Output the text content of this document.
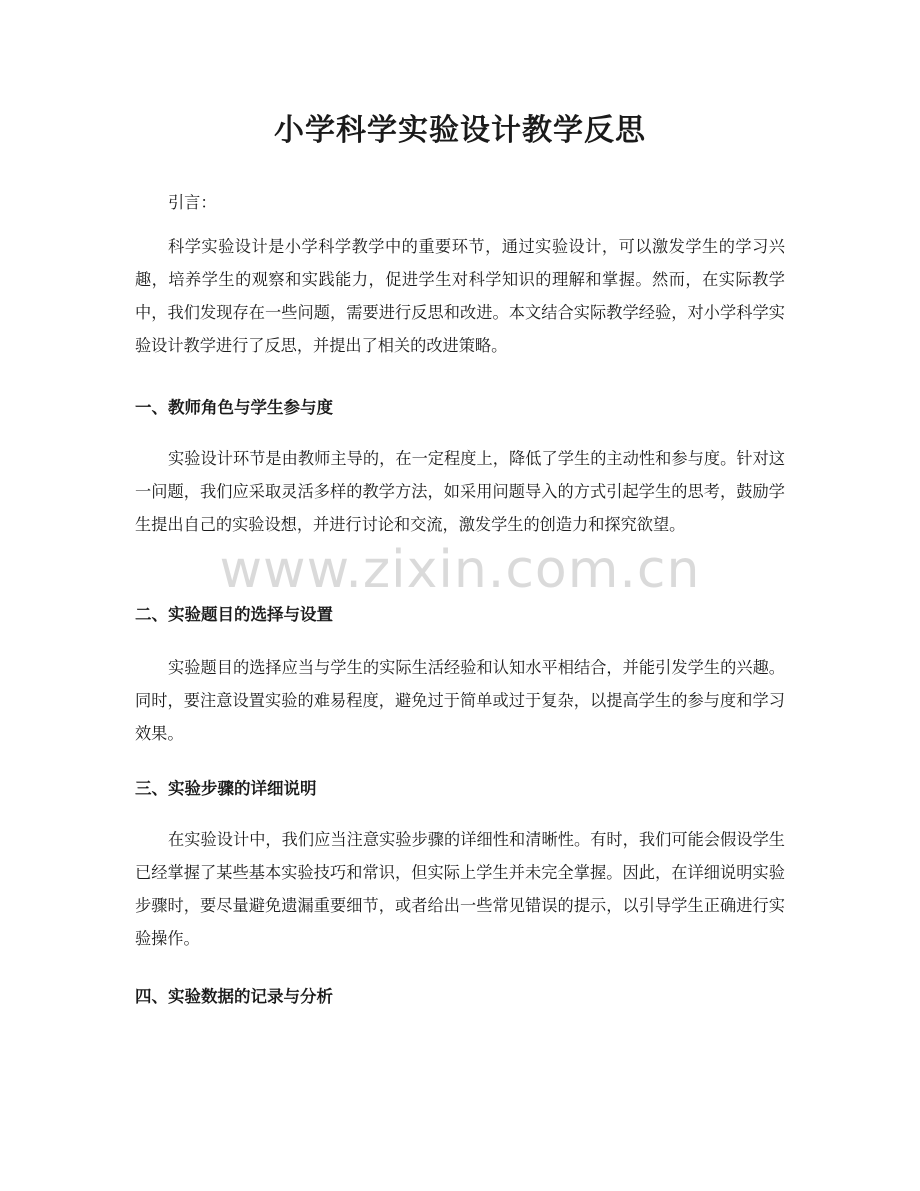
小学科学实验设计教学反思

引言：

科学实验设计是小学科学教学中的重要环节，通过实验设计，可以激发学生的学习兴趣，培养学生的观察和实践能力，促进学生对科学知识的理解和掌握。然而，在实际教学中，我们发现存在一些问题，需要进行反思和改进。本文结合实际教学经验，对小学科学实验设计教学进行了反思，并提出了相关的改进策略。

一、教师角色与学生参与度

实验设计环节是由教师主导的，在一定程度上，降低了学生的主动性和参与度。针对这一问题，我们应采取灵活多样的教学方法，如采用问题导入的方式引起学生的思考，鼓励学生提出自己的实验设想，并进行讨论和交流，激发学生的创造力和探究欲望。

二、实验题目的选择与设置

实验题目的选择应当与学生的实际生活经验和认知水平相结合，并能引发学生的兴趣。同时，要注意设置实验的难易程度，避免过于简单或过于复杂，以提高学生的参与度和学习效果。

三、实验步骤的详细说明

在实验设计中，我们应当注意实验步骤的详细性和清晰性。有时，我们可能会假设学生已经掌握了某些基本实验技巧和常识，但实际上学生并未完全掌握。因此，在详细说明实验步骤时，要尽量避免遗漏重要细节，或者给出一些常见错误的提示，以引导学生正确进行实验操作。

四、实验数据的记录与分析
www.zixin.com.cn
